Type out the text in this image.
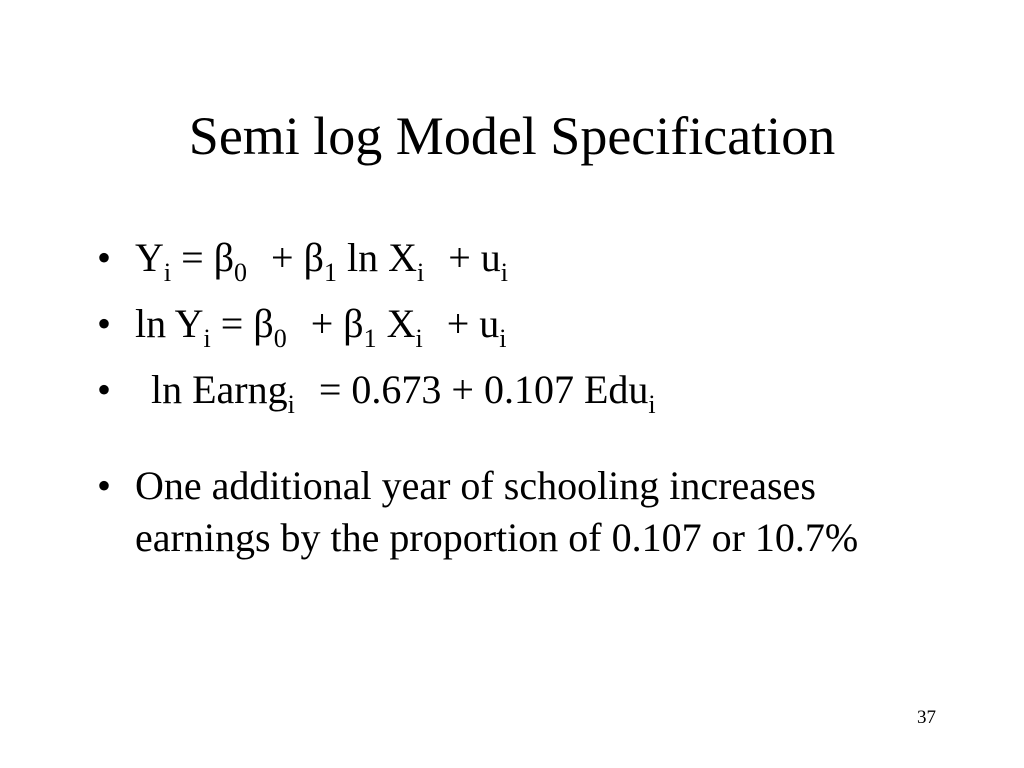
Semi log Model Specification
• $Y_i = \beta_0 + \beta_1$ $\ln X_i + u_i$
• $\ln Y_i = \beta_0 + \beta_1$ $X_i + u_i$
• ln Earng$_i$ = 0.673 + 0.107 Edu$_i$
• One additional year of schooling increases earnings by the proportion of 0.107 or 10.7%
37
